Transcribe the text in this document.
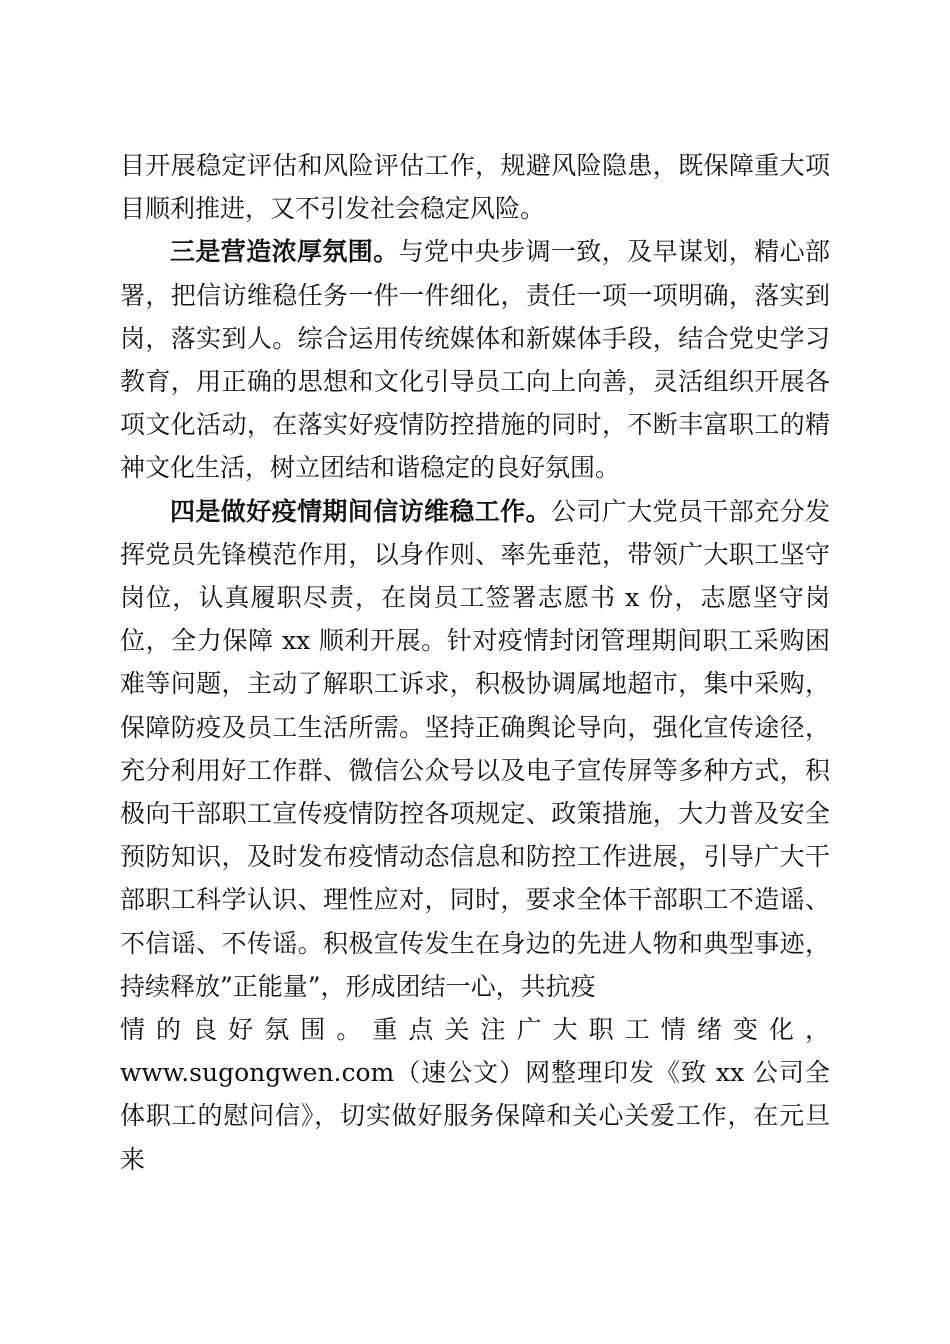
目开展稳定评估和风险评估工作，规避风险隐患，既保障重大项目顺利推进，又不引发社会稳定风险。

三是营造浓厚氛围。与党中央步调一致，及早谋划，精心部署，把信访维稳任务一件一件细化，责任一项一项明确，落实到岗，落实到人。综合运用传统媒体和新媒体手段，结合党史学习教育，用正确的思想和文化引导员工向上向善，灵活组织开展各项文化活动，在落实好疫情防控措施的同时，不断丰富职工的精神文化生活，树立团结和谐稳定的良好氛围。

四是做好疫情期间信访维稳工作。公司广大党员干部充分发挥党员先锋模范作用，以身作则、率先垂范，带领广大职工坚守岗位，认真履职尽责，在岗员工签署志愿书 x 份，志愿坚守岗位，全力保障 xx 顺利开展。针对疫情封闭管理期间职工采购困难等问题，主动了解职工诉求，积极协调属地超市，集中采购，保障防疫及员工生活所需。坚持正确舆论导向，强化宣传途径，充分利用好工作群、微信公众号以及电子宣传屏等多种方式，积极向干部职工宣传疫情防控各项规定、政策措施，大力普及安全预防知识，及时发布疫情动态信息和防控工作进展，引导广大干部职工科学认识、理性应对，同时，要求全体干部职工不造谣、不信谣、不传谣。积极宣传发生在身边的先进人物和典型事迹，持续释放”正能量”，形成团结一心，共抗疫

情的良好氛围。重点关注广大职工情绪变化，

www.sugongwen.com（速公文）网整理印发《致 xx 公司全体职工的慰问信》，切实做好服务保障和关心关爱工作，在元旦来
